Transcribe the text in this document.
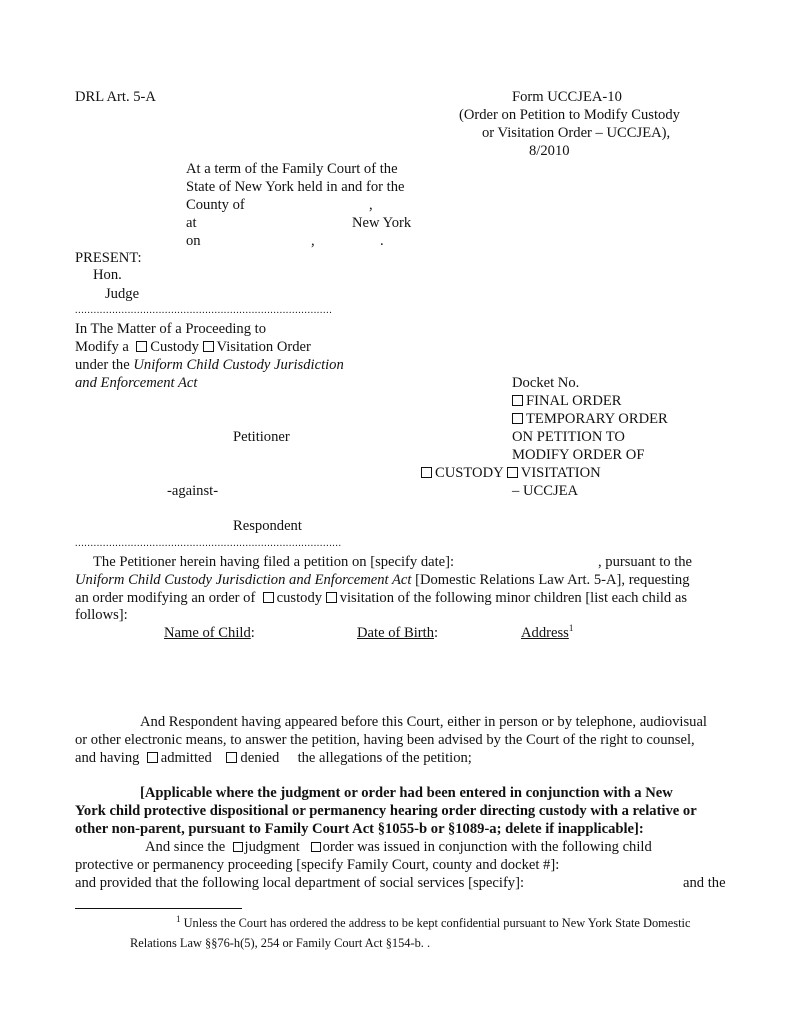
DRL Art. 5-A	Form UCCJEA-10
(Order on Petition to Modify Custody
or Visitation Order – UCCJEA),
8/2010
At a term of the Family Court of the
State of New York held in and for the
County of	,
at	New York
on	,	.
PRESENT:
Hon.
Judge
...................................................................................
In The Matter of a Proceeding to
Modify a Custody Visitation Order
under the Uniform Child Custody Jurisdiction
and Enforcement Act
Petitioner
-against-
Respondent
Docket No.
FINAL ORDER
TEMPORARY ORDER
ON PETITION TO
MODIFY ORDER OF
CUSTODY VISITATION
– UCCJEA
......................................................................................
The Petitioner herein having filed a petition on [specify date]:	, pursuant to the
Uniform Child Custody Jurisdiction and Enforcement Act [Domestic Relations Law Art. 5-A], requesting
an order modifying an order of custody visitation of the following minor children [list each child as
follows]:
Name of Child:	Date of Birth:	Address$^1$
And Respondent having appeared before this Court, either in person or by telephone, audiovisual
or other electronic means, to answer the petition, having been advised by the Court of the right to counsel,
and having admitted denied the allegations of the petition;
[Applicable where the judgment or order had been entered in conjunction with a New
York child protective dispositional or permanency hearing order directing custody with a relative or
other non-parent, pursuant to Family Court Act §1055-b or §1089-a; delete if inapplicable]:
And since the judgment order was issued in conjunction with the following child
protective or permanency proceeding [specify Family Court, county and docket #]:
and provided that the following local department of social services [specify]:	and the
$^1$ Unless the Court has ordered the address to be kept confidential pursuant to New York State Domestic
Relations Law §§76-h(5), 254 or Family Court Act §154-b. .
